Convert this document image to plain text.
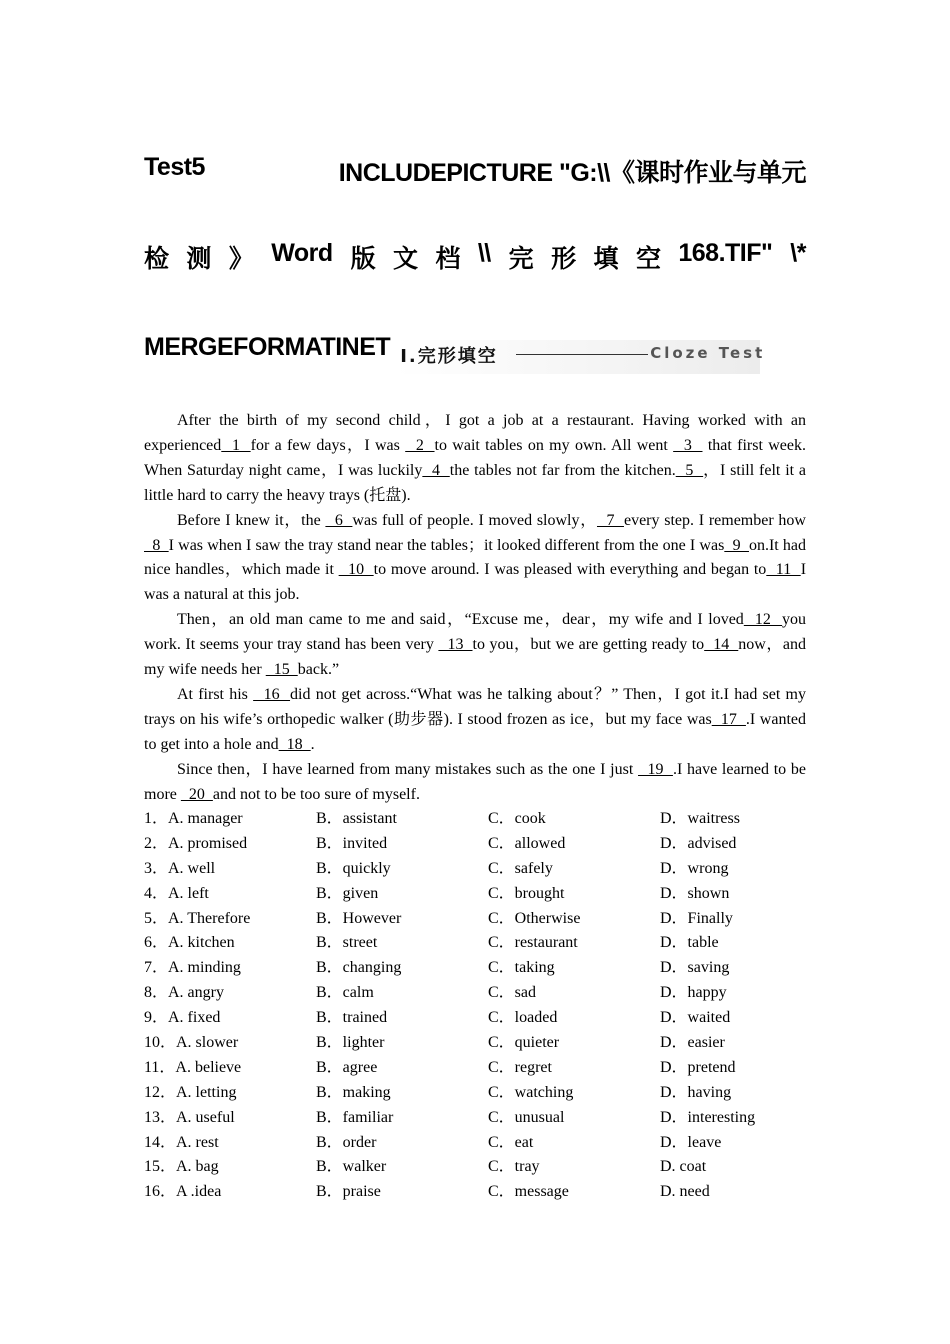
Test5	INCLUDEPICTURE "G:\\《课时作业与单元
检 测 》 Word 版 文 档 \\ 完 形 填 空 168.TIF" \*
MERGEFORMATINET Ⅰ.完形填空	Cloze Test

After the birth of my second child，I got a job at a restaurant. Having worked with an experienced  1  for a few days，I was   2  to wait tables on my own. All went   3   that first week. When Saturday night came，I was luckily  4  the tables not far from the kitchen.  5  ，I still felt it a little hard to carry the heavy trays (托盘).

Before I knew it，the   6  was full of people. I moved slowly，  7  every step. I remember how   8  I was when I saw the tray stand near the tables；it looked different from the one I was  9  on.It had nice handles，which made it   10  to move around. I was pleased with everything and began to  11  I was a natural at this job.

Then，an old man came to me and said，“Excuse me，dear，my wife and I loved  12  you work. It seems your tray stand has been very   13  to you，but we are getting ready to  14  now，and my wife needs her   15  back.”

At first his   16  did not get across.“What was he talking about？” Then，I got it.I had set my trays on his wife’s orthopedic walker (助步器). I stood frozen as ice，but my face was  17  .I wanted to get into a hole and  18  .

Since then，I have learned from many mistakes such as the one I just   19  .I have learned to be more   20  and not to be too sure of myself.

1．A. manager	B．assistant	C．cook	D．waitress
2．A. promised	B．invited	C．allowed	D．advised
3．A. well	B．quickly	C．safely	D．wrong
4．A. left	B．given	C．brought	D．shown
5．A. Therefore	B．However	C．Otherwise	D．Finally
6．A. kitchen	B．street	C．restaurant	D．table
7．A. minding	B．changing	C．taking	D．saving
8．A. angry	B．calm	C．sad	D．happy
9．A. fixed	B．trained	C．loaded	D．waited
10．A. slower	B．lighter	C．quieter	D．easier
11．A. believe	B．agree	C．regret	D．pretend
12．A. letting	B．making	C．watching	D．having
13．A. useful	B．familiar	C．unusual	D．interesting
14．A. rest	B．order	C．eat	D．leave
15．A. bag	B．walker	C．tray	D. coat
16．A .idea	B．praise	C．message	D. need
